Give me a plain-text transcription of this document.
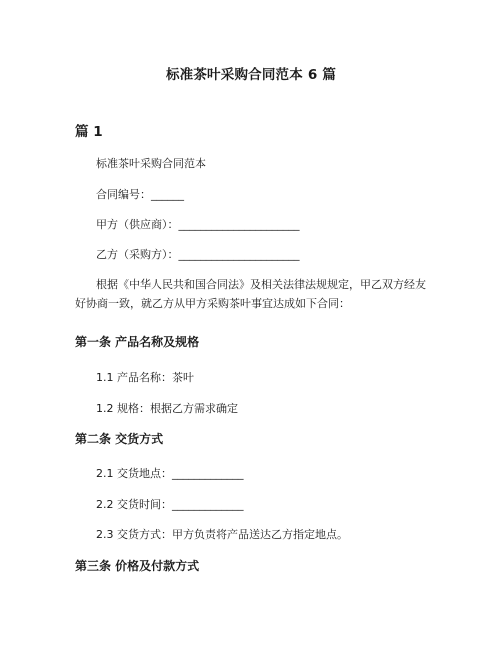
标准茶叶采购合同范本 6 篇
篇 1
标准茶叶采购合同范本
合同编号：______
甲方（供应商）：______________________
乙方（采购方）：______________________
根据《中华人民共和国合同法》及相关法律法规规定，甲乙双方经友好协商一致，就乙方从甲方采购茶叶事宜达成如下合同：
第一条 产品名称及规格
1.1 产品名称：茶叶
1.2 规格：根据乙方需求确定
第二条 交货方式
2.1 交货地点：_____________
2.2 交货时间：_____________
2.3 交货方式：甲方负责将产品送达乙方指定地点。
第三条 价格及付款方式
